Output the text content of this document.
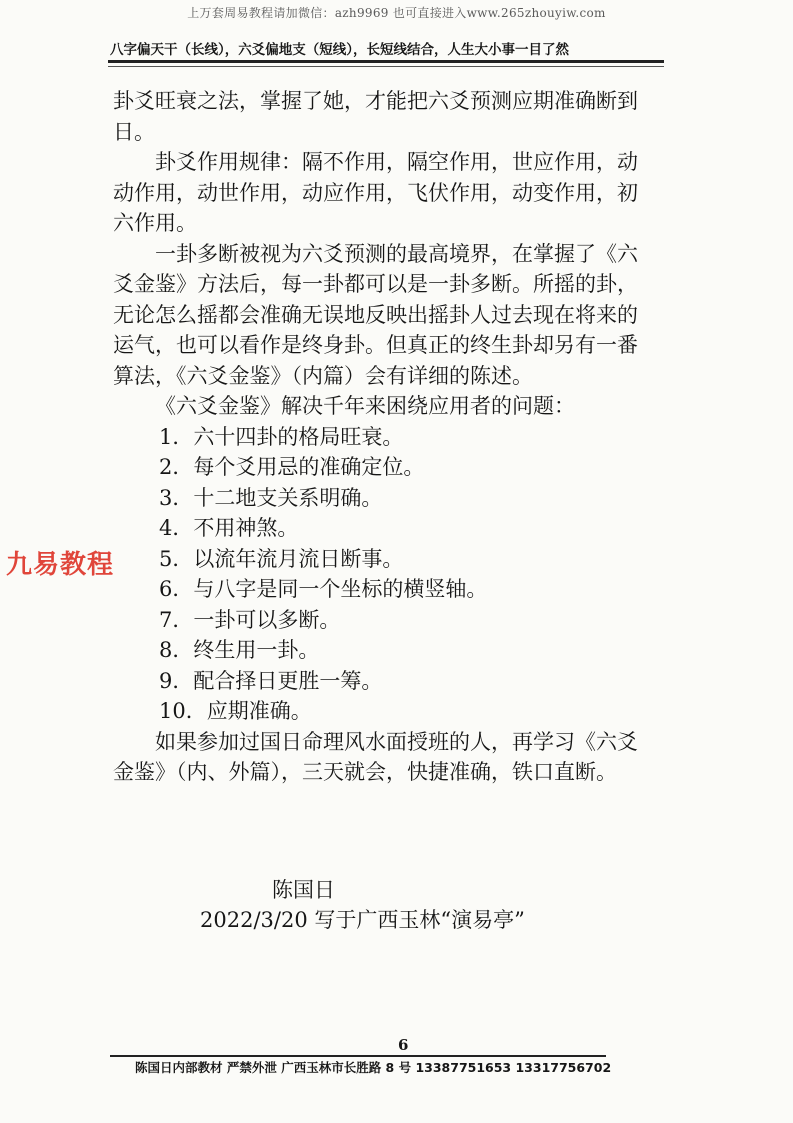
上万套周易教程请加微信：azh9969 也可直接进入www.265zhouyiw.com
八字偏天干（长线），六爻偏地支（短线），长短线结合，人生大小事一目了然

卦爻旺衰之法，掌握了她，才能把六爻预测应期准确断到日。

卦爻作用规律：隔不作用，隔空作用，世应作用，动动作用，动世作用，动应作用，飞伏作用，动变作用，初六作用。

一卦多断被视为六爻预测的最高境界，在掌握了《六爻金鉴》方法后，每一卦都可以是一卦多断。所摇的卦，无论怎么摇都会准确无误地反映出摇卦人过去现在将来的运气，也可以看作是终身卦。但真正的终生卦却另有一番算法，《六爻金鉴》（内篇）会有详细的陈述。

《六爻金鉴》解决千年来困绕应用者的问题：

1．六十四卦的格局旺衰。

2．每个爻用忌的准确定位。

3．十二地支关系明确。

4．不用神煞。

5．以流年流月流日断事。

6．与八字是同一个坐标的横竖轴。

7．一卦可以多断。

8．终生用一卦。

9．配合择日更胜一筹。

10．应期准确。

如果参加过国日命理风水面授班的人，再学习《六爻金鉴》（内、外篇），三天就会，快捷准确，铁口直断。

九易教程
陈国日
2022/3/20 写于广西玉林“演易亭”
6
陈国日内部教材 严禁外泄 广西玉林市长胜路 8 号 13387751653 13317756702
